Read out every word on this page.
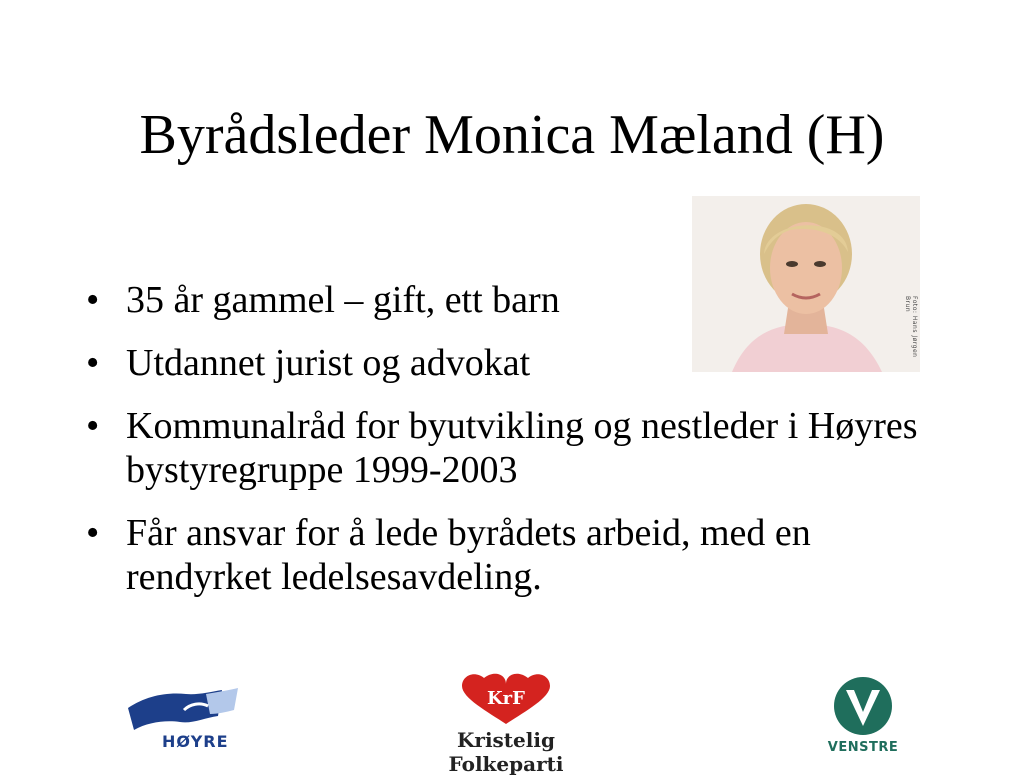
Byrådsleder Monica Mæland (H)
Foto: Hans Jørgen Brun
• 35 år gammel – gift, ett barn
• Utdannet jurist og advokat
• Kommunalråd for byutvikling og nestleder i Høyres bystyregruppe 1999-2003
• Får ansvar for å lede byrådets arbeid, med en rendyrket ledelsesavdeling.
HØYRE
KrF
Kristelig Folkeparti
VENSTRE
